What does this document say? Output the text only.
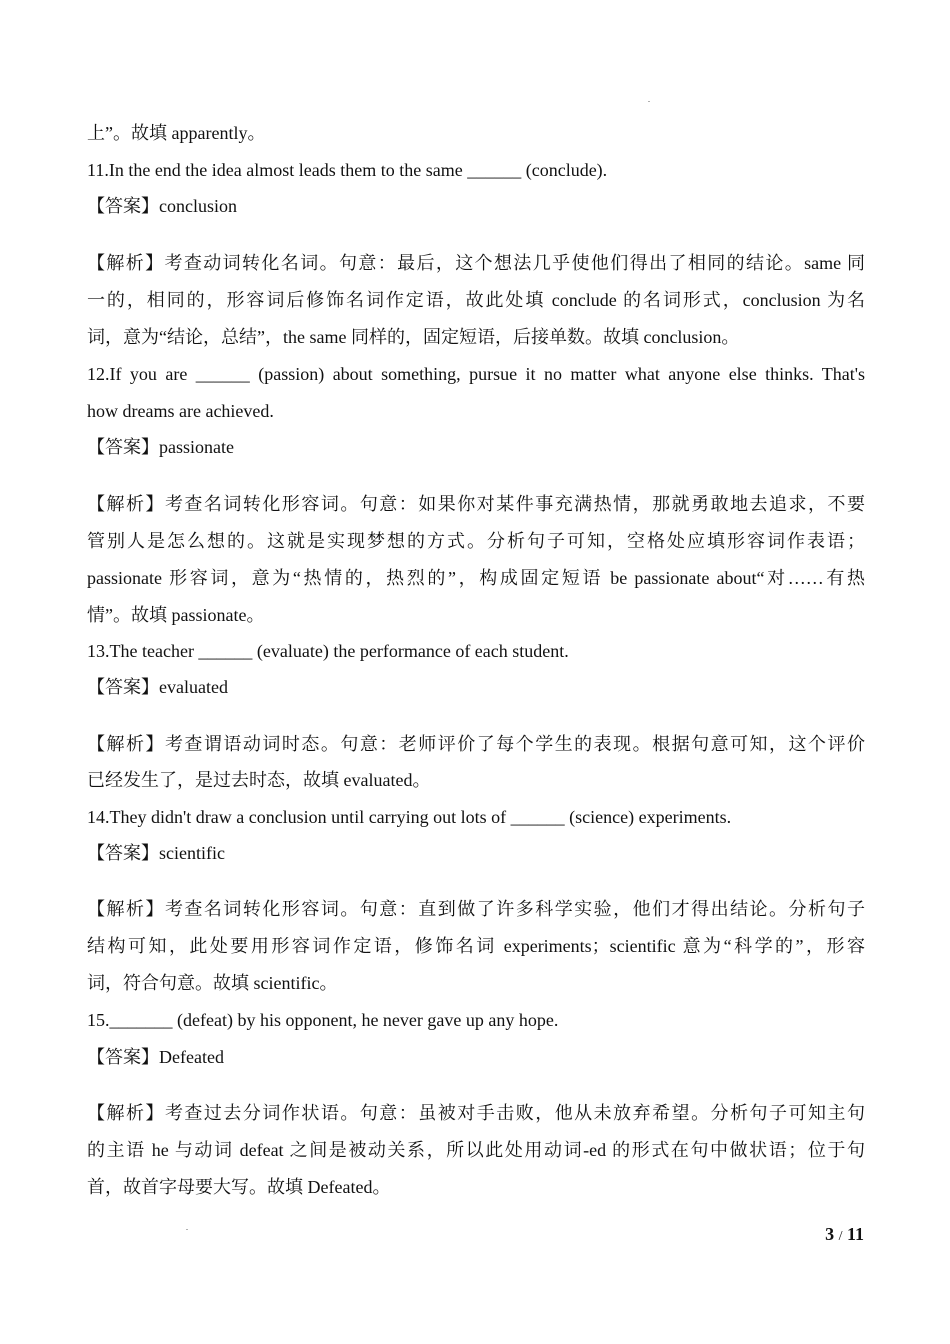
上”。故填 apparently。
11.In the end the idea almost leads them to the same ______ (conclude).
【答案】conclusion
【解析】考查动词转化名词。句意：最后，这个想法几乎使他们得出了相同的结论。same 同
一的，相同的，形容词后修饰名词作定语，故此处填 conclude 的名词形式，conclusion 为名
词，意为“结论，总结”，the same 同样的，固定短语，后接单数。故填 conclusion。
12.If you are ______ (passion) about something, pursue it no matter what anyone else thinks. That's
how dreams are achieved.
【答案】passionate
【解析】考查名词转化形容词。句意：如果你对某件事充满热情，那就勇敢地去追求，不要
管别人是怎么想的。这就是实现梦想的方式。分析句子可知，空格处应填形容词作表语；
passionate 形容词，意为“热情的，热烈的”，构成固定短语 be passionate about“对……有热
情”。故填 passionate。
13.The teacher ______ (evaluate) the performance of each student.
【答案】evaluated
【解析】考查谓语动词时态。句意：老师评价了每个学生的表现。根据句意可知，这个评价
已经发生了，是过去时态，故填 evaluated。
14.They didn't draw a conclusion until carrying out lots of ______ (science) experiments.
【答案】scientific
【解析】考查名词转化形容词。句意：直到做了许多科学实验，他们才得出结论。分析句子
结构可知，此处要用形容词作定语，修饰名词 experiments；scientific 意为“科学的”，形容
词，符合句意。故填 scientific。
15._______ (defeat) by his opponent, he never gave up any hope.
【答案】Defeated
【解析】考查过去分词作状语。句意：虽被对手击败，他从未放弃希望。分析句子可知主句
的主语 he 与动词 defeat 之间是被动关系，所以此处用动词-ed 的形式在句中做状语；位于句
首，故首字母要大写。故填 Defeated。
3 / 11
